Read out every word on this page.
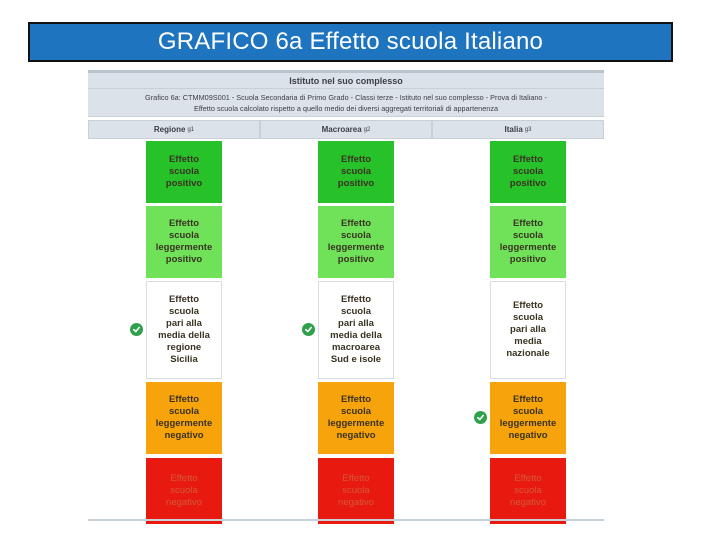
GRAFICO 6a Effetto scuola Italiano
Istituto nel suo complesso
Grafico 6a: CTMM09S001 - Scuola Secondaria di Primo Grado - Classi terze - Istituto nel suo complesso - Prova di Italiano -
Effetto scuola calcolato rispetto a quello medio dei diversi aggregati territoriali di appartenenza
Regione g1	Macroarea g2	Italia g3
Effetto
scuola
positivo
Effetto
scuola
leggermente
positivo
Effetto
scuola
pari alla
media della
regione
Sicilia
Effetto
scuola
leggermente
negativo
Effetto
scuola
negativo
Effetto
scuola
positivo
Effetto
scuola
leggermente
positivo
Effetto
scuola
pari alla
media della
macroarea
Sud e isole
Effetto
scuola
leggermente
negativo
Effetto
scuola
negativo
Effetto
scuola
positivo
Effetto
scuola
leggermente
positivo
Effetto
scuola
pari alla
media
nazionale
Effetto
scuola
leggermente
negativo
Effetto
scuola
negativo
